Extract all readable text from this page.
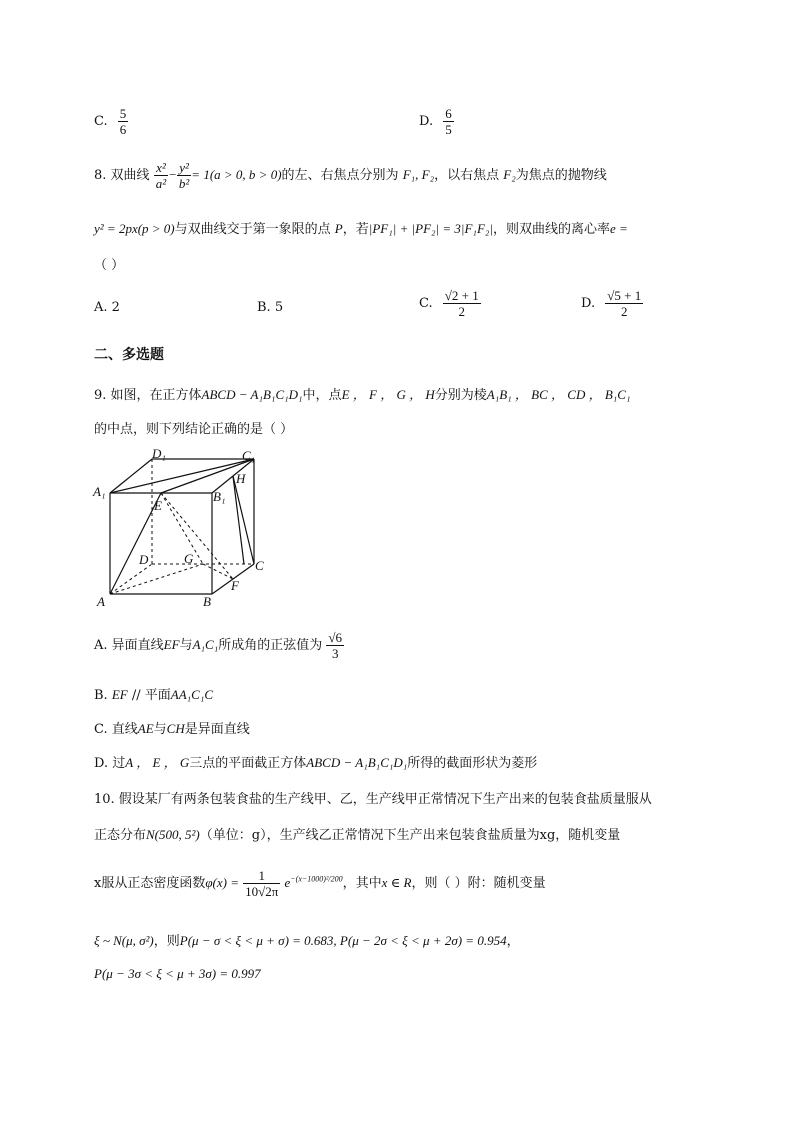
C. $\frac{5}{6}$	D. $\frac{6}{5}$
8. 双曲线 $\frac{\text{x²}}{\text{a²}} - \frac{\text{y²}}{\text{b²}} = 1(a > 0$, b > 0)的左、右焦点分别为 F₁, F₂，以右焦点 F₂为焦点的抛物线
y² = 2px(p > 0)与双曲线交于第一象限的点 P，若|PF₁| + |PF₂| = 3|F₁F₂|，则双曲线的离心率e =
（ ）
A. 2	B. 5	C. $\frac{√2 + 1}{2}$	D. $\frac{√5 + 1}{2}$
二、多选题
9. 如图，在正方体ABCD − A₁B₁C₁D₁中，点E ， F ， G ， H分别为棱A₁B₁ ， BC ， CD ， B₁C₁
的中点，则下列结论正确的是（ ）
A	B
C
D
A₁	B₁
C₁
D₁
E
F
G
H
A. 异面直线EF与A₁C₁所成角的正弦值为 $\frac{√6}{3}$
B. EF // 平面AA₁C₁C
C. 直线AE与CH是异面直线
D. 过A ， E ， G三点的平面截正方体ABCD − A₁B₁C₁D₁所得的截面形状为菱形
10. 假设某厂有两条包装食盐的生产线甲、乙，生产线甲正常情况下生产出来的包装食盐质量服从
正态分布N(500, 5²)（单位：g），生产线乙正常情况下生产出来包装食盐质量为xg，随机变量
x服从正态密度函数$\varphi(x) = \frac{1}{10√2\pi} e^{-(x-1000)^2/200}$，其中x ∈ R，则（ ）附：随机变量
ξ ~ N(μ, σ²)，则P(μ − σ < ξ < μ + σ) = 0.683, P(μ − 2σ < ξ < μ + 2σ) = 0.954，
P(μ − 3σ < ξ < μ + 3σ) = 0.997
